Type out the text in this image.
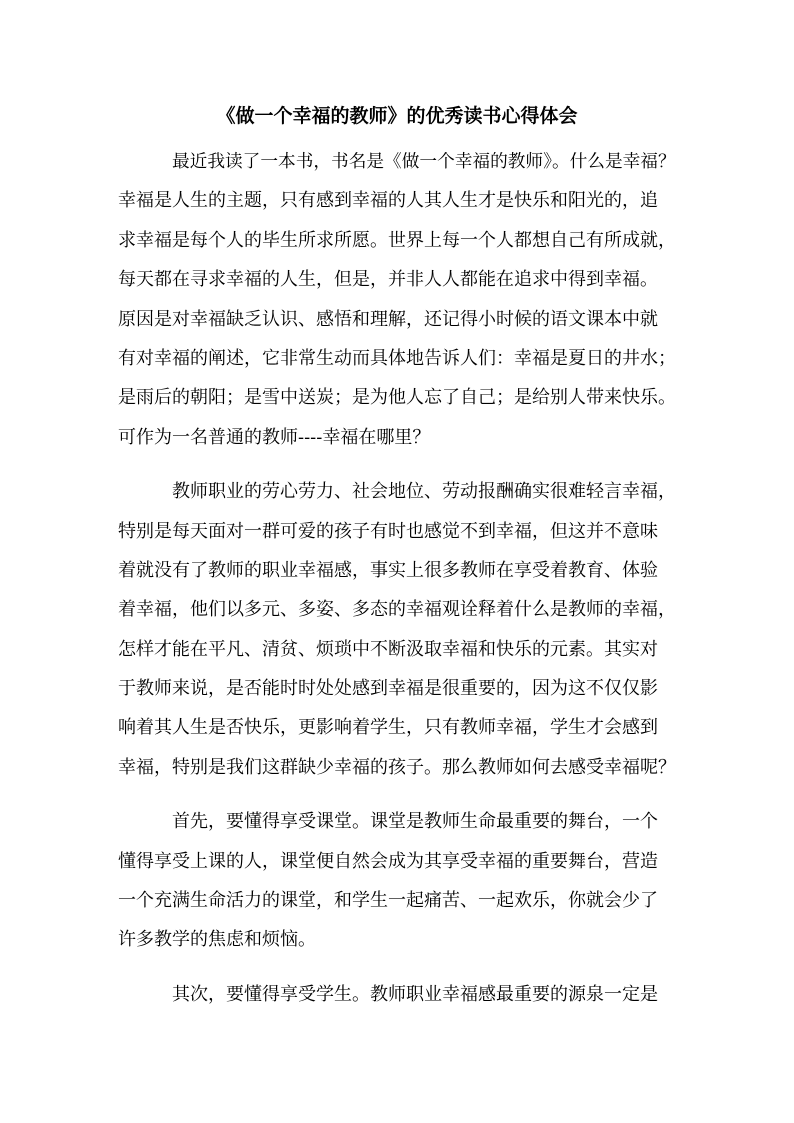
《做一个幸福的教师》的优秀读书心得体会
最近我读了一本书，书名是《做一个幸福的教师》。什么是幸福？
幸福是人生的主题，只有感到幸福的人其人生才是快乐和阳光的，追
求幸福是每个人的毕生所求所愿。世界上每一个人都想自己有所成就，
每天都在寻求幸福的人生，但是，并非人人都能在追求中得到幸福。
原因是对幸福缺乏认识、感悟和理解，还记得小时候的语文课本中就
有对幸福的阐述，它非常生动而具体地告诉人们：幸福是夏日的井水；
是雨后的朝阳；是雪中送炭；是为他人忘了自己；是给别人带来快乐。
可作为一名普通的教师----幸福在哪里？
教师职业的劳心劳力、社会地位、劳动报酬确实很难轻言幸福，
特别是每天面对一群可爱的孩子有时也感觉不到幸福，但这并不意味
着就没有了教师的职业幸福感，事实上很多教师在享受着教育、体验
着幸福，他们以多元、多姿、多态的幸福观诠释着什么是教师的幸福，
怎样才能在平凡、清贫、烦琐中不断汲取幸福和快乐的元素。其实对
于教师来说，是否能时时处处感到幸福是很重要的，因为这不仅仅影
响着其人生是否快乐，更影响着学生，只有教师幸福，学生才会感到
幸福，特别是我们这群缺少幸福的孩子。那么教师如何去感受幸福呢？
首先，要懂得享受课堂。课堂是教师生命最重要的舞台，一个
懂得享受上课的人，课堂便自然会成为其享受幸福的重要舞台，营造
一个充满生命活力的课堂，和学生一起痛苦、一起欢乐，你就会少了
许多教学的焦虑和烦恼。
其次，要懂得享受学生。教师职业幸福感最重要的源泉一定是
